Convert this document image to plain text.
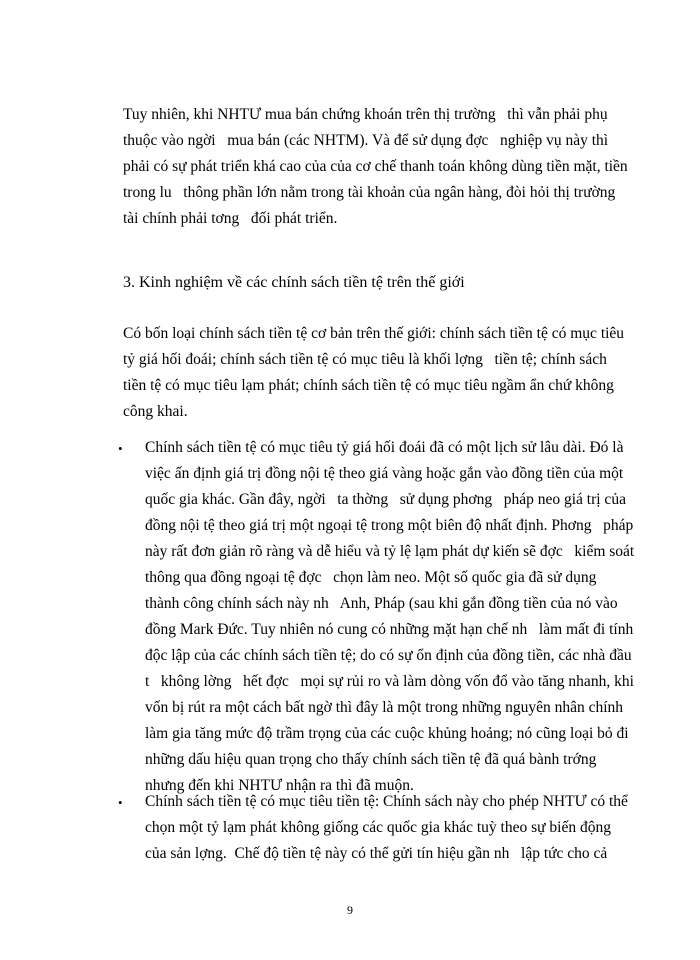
Tuy nhiên, khi NHTƯ mua bán chứng khoán trên thị trường   thì vẫn phải phụ
thuộc vào ngời   mua bán (các NHTM). Và để sử dụng đợc   nghiệp vụ này thì
phải có sự phát triển khá cao của của cơ chế thanh toán không dùng tiền mặt, tiền
trong lu   thông phần lớn nằm trong tài khoản của ngân hàng, đòi hỏi thị trường
tài chính phải tơng   đối phát triển.
3. Kinh nghiệm về các chính sách tiền tệ trên thế giới
Có bốn loại chính sách tiền tệ cơ bản trên thế giới: chính sách tiền tệ có mục tiêu
tỷ giá hối đoái; chính sách tiền tệ có mục tiêu là khối lợng   tiền tệ; chính sách
tiền tệ có mục tiêu lạm phát; chính sách tiền tệ có mục tiêu ngầm ẩn chứ không
công khai.
• Chính sách tiền tệ có mục tiêu tỷ giá hối đoái đã có một lịch sử lâu dài. Đó là
việc ấn định giá trị đồng nội tệ theo giá vàng hoặc gắn vào đồng tiền của một
quốc gia khác. Gần đây, ngời   ta thờng   sử dụng phơng   pháp neo giá trị của
đồng nội tệ theo giá trị một ngoại tệ trong một biên độ nhất định. Phơng   pháp
này rất đơn giản rõ ràng và dễ hiểu và tỷ lệ lạm phát dự kiến sẽ đợc   kiểm soát
thông qua đồng ngoại tệ đợc   chọn làm neo. Một số quốc gia đã sử dụng
thành công chính sách này nh   Anh, Pháp (sau khi gắn đồng tiền của nó vào
đồng Mark Đức. Tuy nhiên nó cung có những mặt hạn chế nh   làm mất đi tính
độc lập của các chính sách tiền tệ; do có sự ổn định của đồng tiền, các nhà đầu
t   không lờng   hết đợc   mọi sự rủi ro và làm dòng vốn đổ vào tăng nhanh, khi
vốn bị rút ra một cách bất ngờ thì đây là một trong những nguyên nhân chính
làm gia tăng mức độ trầm trọng của các cuộc khủng hoảng; nó cũng loại bỏ đi
những dấu hiệu quan trọng cho thấy chính sách tiền tệ đã quá bành trớng
nhưng đến khi NHTƯ nhận ra thì đã muộn.
• Chính sách tiền tệ có mục tiêu tiền tệ: Chính sách này cho phép NHTƯ có thể
chọn một tỷ lạm phát không giống các quốc gia khác tuỳ theo sự biến động
của sản lợng.  Chế độ tiền tệ này có thể gửi tín hiệu gần nh   lập tức cho cả
9
